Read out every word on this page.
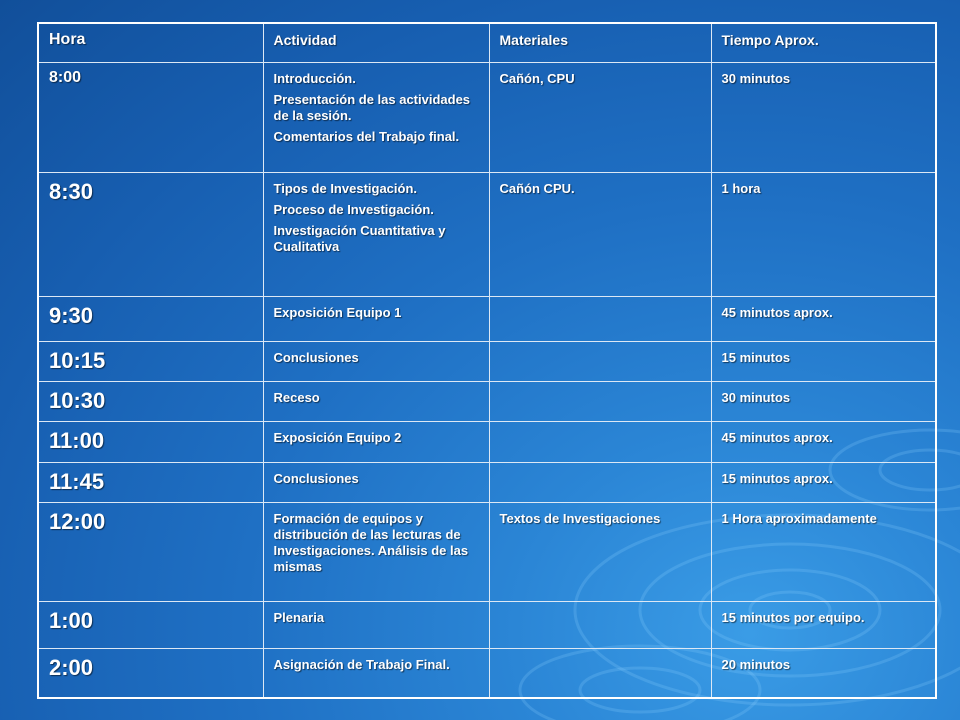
Hora	Actividad	Materiales	Tiempo Aprox.
8:00	Introducción.
Presentación de las actividades de la sesión.
Comentarios del Trabajo final.	Cañón, CPU	30 minutos
8:30	Tipos de Investigación.
Proceso de Investigación.
Investigación Cuantitativa y Cualitativa	Cañón CPU.	1 hora
9:30	Exposición Equipo 1		45 minutos aprox.
10:15	Conclusiones		15 minutos
10:30	Receso		30 minutos
11:00	Exposición Equipo 2		45 minutos aprox.
11:45	Conclusiones		15 minutos aprox.
12:00	Formación de equipos y distribución de las lecturas de Investigaciones. Análisis de las mismas	Textos de Investigaciones	1 Hora aproximadamente
1:00	Plenaria		15 minutos por equipo.
2:00	Asignación de Trabajo Final.		20 minutos
